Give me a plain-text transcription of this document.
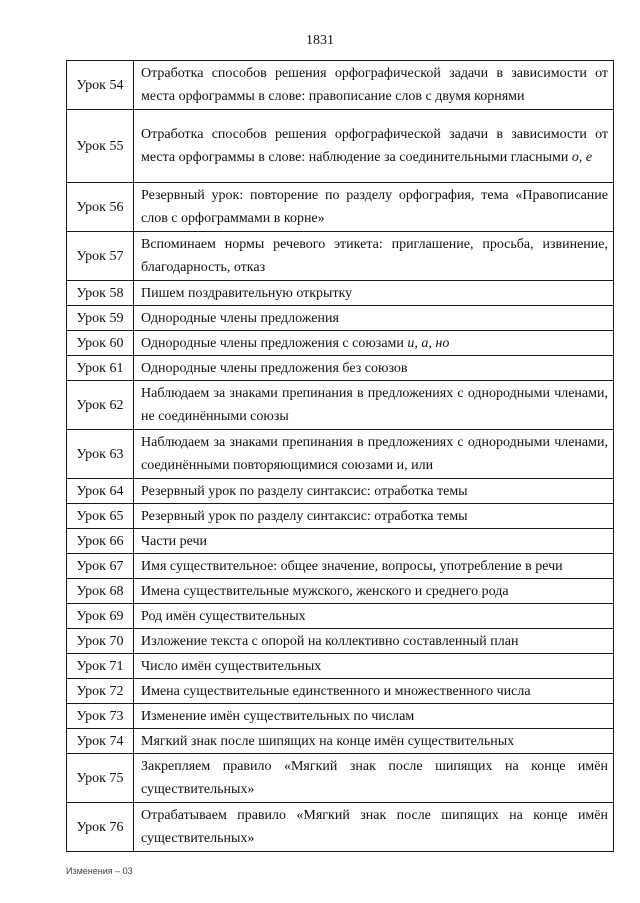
1831
Урок 54	Отработка способов решения орфографической задачи в зависимости от места орфограммы в слове: правописание слов с двумя корнями
Урок 55	Отработка способов решения орфографической задачи в зависимости от места орфограммы в слове: наблюдение за соединительными гласными о, е
Урок 56	Резервный урок: повторение по разделу орфография, тема «Правописание слов с орфограммами в корне»
Урок 57	Вспоминаем нормы речевого этикета: приглашение, просьба, извинение, благодарность, отказ
Урок 58	Пишем поздравительную открытку
Урок 59	Однородные члены предложения
Урок 60	Однородные члены предложения с союзами и, а, но
Урок 61	Однородные члены предложения без союзов
Урок 62	Наблюдаем за знаками препинания в предложениях с однородными членами, не соединёнными союзы
Урок 63	Наблюдаем за знаками препинания в предложениях с однородными членами, соединёнными повторяющимися союзами и, или
Урок 64	Резервный урок по разделу синтаксис: отработка темы
Урок 65	Резервный урок по разделу синтаксис: отработка темы
Урок 66	Части речи
Урок 67	Имя существительное: общее значение, вопросы, употребление в речи
Урок 68	Имена существительные мужского, женского и среднего рода
Урок 69	Род имён существительных
Урок 70	Изложение текста с опорой на коллективно составленный план
Урок 71	Число имён существительных
Урок 72	Имена существительные единственного и множественного числа
Урок 73	Изменение имён существительных по числам
Урок 74	Мягкий знак после шипящих на конце имён существительных
Урок 75	Закрепляем правило «Мягкий знак после шипящих на конце имён существительных»
Урок 76	Отрабатываем правило «Мягкий знак после шипящих на конце имён существительных»
Изменения – 03
